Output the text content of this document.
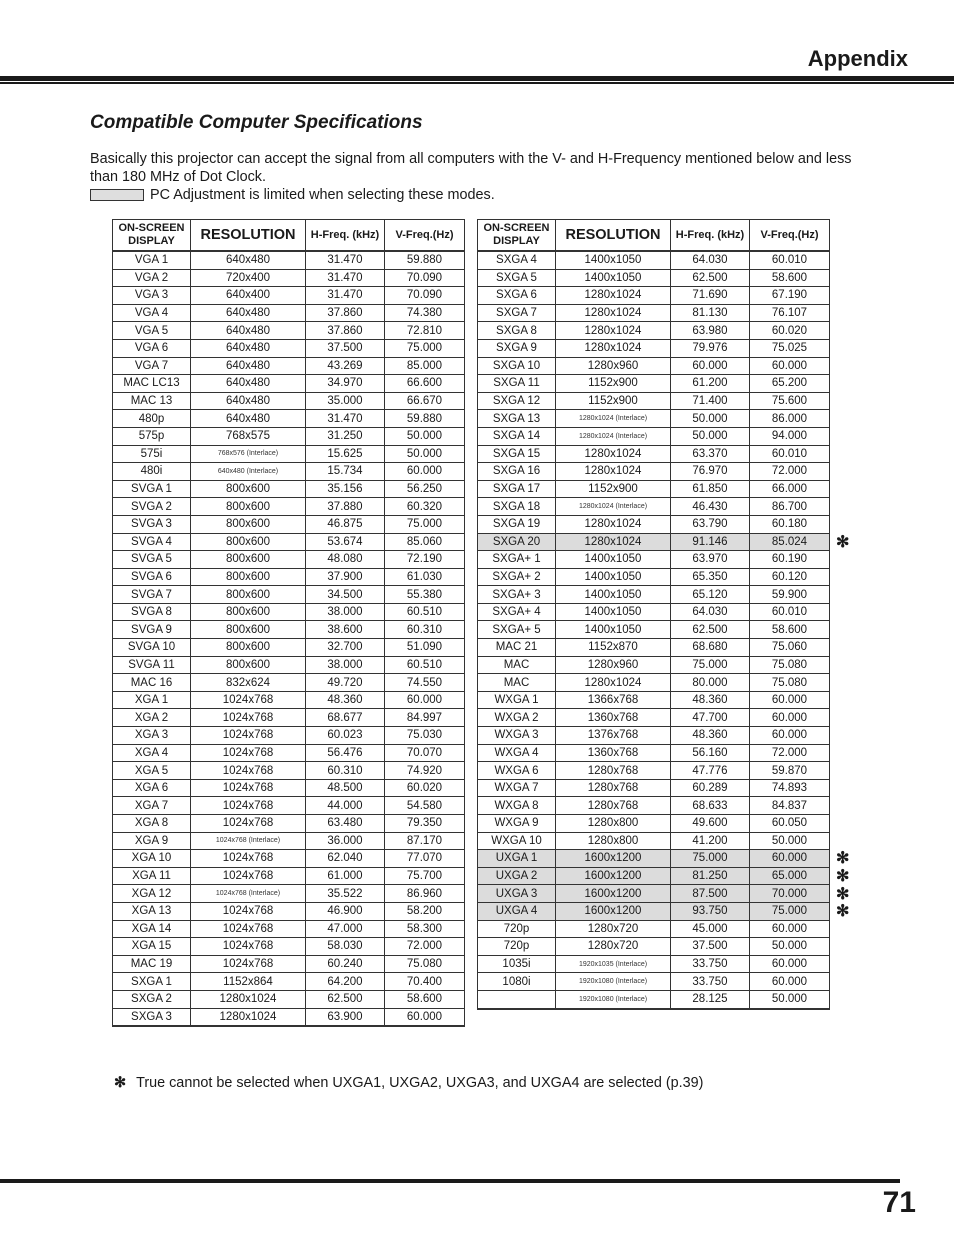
Appendix
Compatible Computer Specifications

Basically this projector can accept the signal from all computers with the V- and H-Frequency mentioned below and less than 180 MHz of Dot Clock.

PC Adjustment is limited when selecting these modes.

ON-SCREEN DISPLAY	RESOLUTION	H-Freq. (kHz)	V-Freq.(Hz)
VGA 1	640x480	31.470	59.880
VGA 2	720x400	31.470	70.090
VGA 3	640x400	31.470	70.090
VGA 4	640x480	37.860	74.380
VGA 5	640x480	37.860	72.810
VGA 6	640x480	37.500	75.000
VGA 7	640x480	43.269	85.000
MAC LC13	640x480	34.970	66.600
MAC 13	640x480	35.000	66.670
480p	640x480	31.470	59.880
575p	768x575	31.250	50.000
575i	768x576 (Interlace)	15.625	50.000
480i	640x480 (Interlace)	15.734	60.000
SVGA 1	800x600	35.156	56.250
SVGA 2	800x600	37.880	60.320
SVGA 3	800x600	46.875	75.000
SVGA 4	800x600	53.674	85.060
SVGA 5	800x600	48.080	72.190
SVGA 6	800x600	37.900	61.030
SVGA 7	800x600	34.500	55.380
SVGA 8	800x600	38.000	60.510
SVGA 9	800x600	38.600	60.310
SVGA 10	800x600	32.700	51.090
SVGA 11	800x600	38.000	60.510
MAC 16	832x624	49.720	74.550
XGA 1	1024x768	48.360	60.000
XGA 2	1024x768	68.677	84.997
XGA 3	1024x768	60.023	75.030
XGA 4	1024x768	56.476	70.070
XGA 5	1024x768	60.310	74.920
XGA 6	1024x768	48.500	60.020
XGA 7	1024x768	44.000	54.580
XGA 8	1024x768	63.480	79.350
XGA 9	1024x768 (Interlace)	36.000	87.170
XGA 10	1024x768	62.040	77.070
XGA 11	1024x768	61.000	75.700
XGA 12	1024x768 (Interlace)	35.522	86.960
XGA 13	1024x768	46.900	58.200
XGA 14	1024x768	47.000	58.300
XGA 15	1024x768	58.030	72.000
MAC 19	1024x768	60.240	75.080
SXGA 1	1152x864	64.200	70.400
SXGA 2	1280x1024	62.500	58.600
SXGA 3	1280x1024	63.900	60.000
ON-SCREEN DISPLAY	RESOLUTION	H-Freq. (kHz)	V-Freq.(Hz)
SXGA 4	1400x1050	64.030	60.010
SXGA 5	1400x1050	62.500	58.600
SXGA 6	1280x1024	71.690	67.190
SXGA 7	1280x1024	81.130	76.107
SXGA 8	1280x1024	63.980	60.020
SXGA 9	1280x1024	79.976	75.025
SXGA 10	1280x960	60.000	60.000
SXGA 11	1152x900	61.200	65.200
SXGA 12	1152x900	71.400	75.600
SXGA 13	1280x1024 (Interlace)	50.000	86.000
SXGA 14	1280x1024 (Interlace)	50.000	94.000
SXGA 15	1280x1024	63.370	60.010
SXGA 16	1280x1024	76.970	72.000
SXGA 17	1152x900	61.850	66.000
SXGA 18	1280x1024 (Interlace)	46.430	86.700
SXGA 19	1280x1024	63.790	60.180
SXGA 20	1280x1024	91.146	85.024
SXGA+ 1	1400x1050	63.970	60.190
SXGA+ 2	1400x1050	65.350	60.120
SXGA+ 3	1400x1050	65.120	59.900
SXGA+ 4	1400x1050	64.030	60.010
SXGA+ 5	1400x1050	62.500	58.600
MAC 21	1152x870	68.680	75.060
MAC	1280x960	75.000	75.080
MAC	1280x1024	80.000	75.080
WXGA 1	1366x768	48.360	60.000
WXGA 2	1360x768	47.700	60.000
WXGA 3	1376x768	48.360	60.000
WXGA 4	1360x768	56.160	72.000
WXGA 6	1280x768	47.776	59.870
WXGA 7	1280x768	60.289	74.893
WXGA 8	1280x768	68.633	84.837
WXGA 9	1280x800	49.600	60.050
WXGA 10	1280x800	41.200	50.000
UXGA 1	1600x1200	75.000	60.000
UXGA 2	1600x1200	81.250	65.000
UXGA 3	1600x1200	87.500	70.000
UXGA 4	1600x1200	93.750	75.000
720p	1280x720	45.000	60.000
720p	1280x720	37.500	50.000
1035i	1920x1035 (Interlace)	33.750	60.000
1080i	1920x1080 (Interlace)	33.750	60.000
	1920x1080 (Interlace)	28.125	50.000
✻
✻
✻
✻
✻
✻ True cannot be selected when UXGA1, UXGA2, UXGA3, and UXGA4 are selected (p.39)
71
